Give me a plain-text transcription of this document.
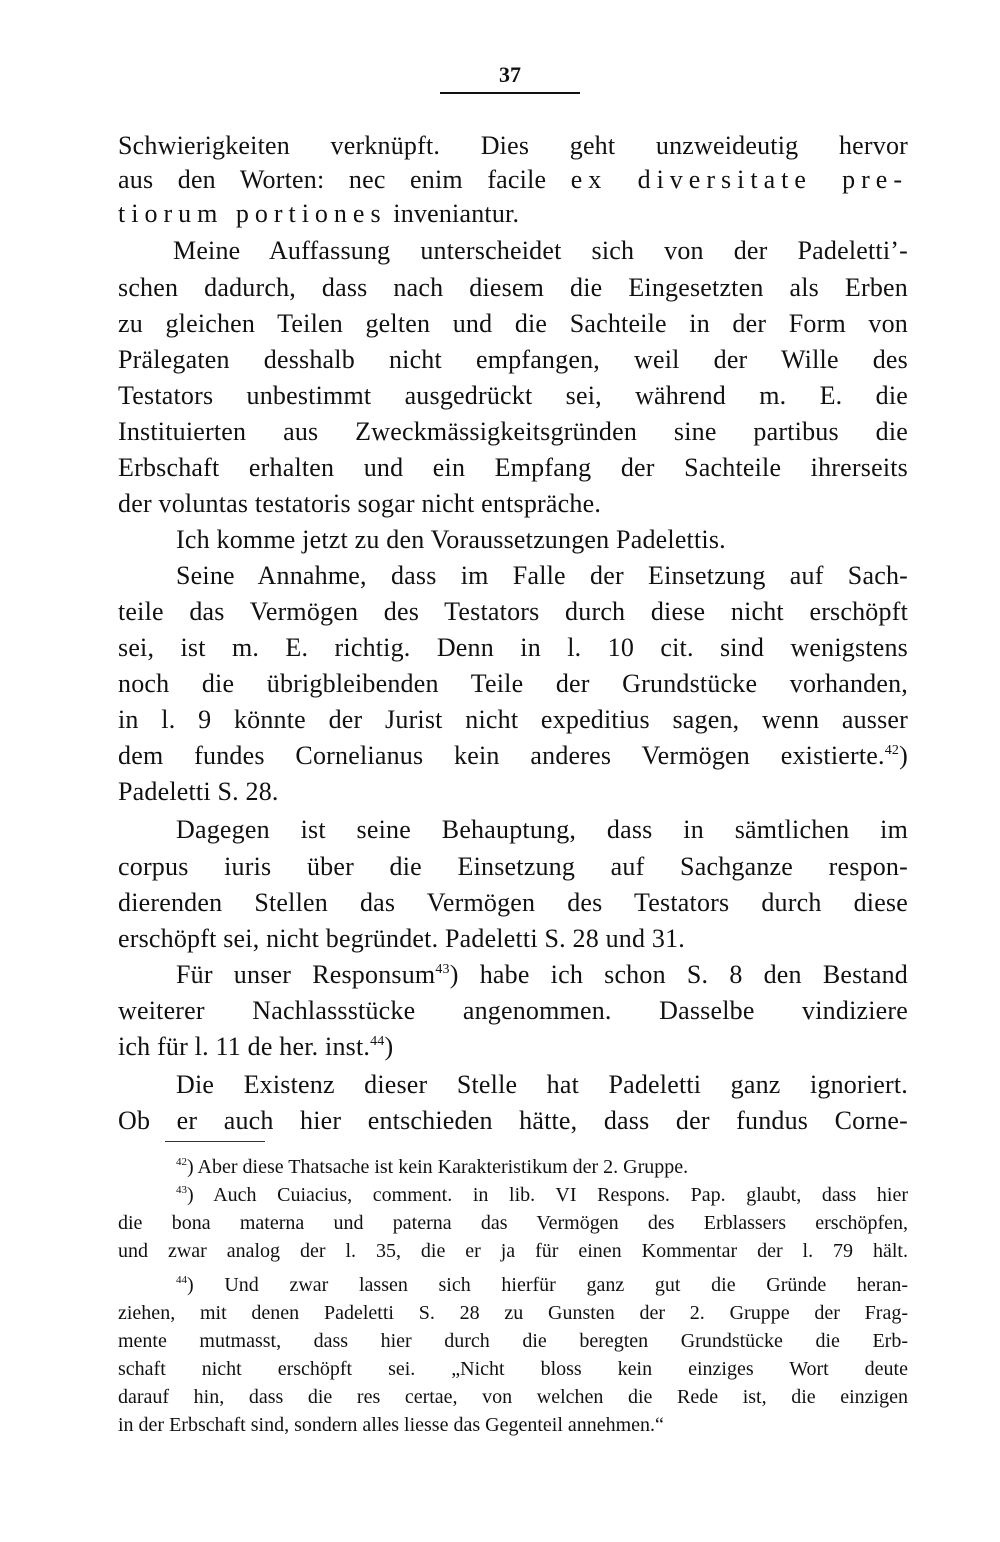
37
Schwierigkeiten verknüpft. Dies geht unzweideutig hervor
aus den Worten: nec enim facile ex diversitate pre-
tiorum portiones inveniantur.
Meine Auffassung unterscheidet sich von der Padeletti’-
schen dadurch, dass nach diesem die Eingesetzten als Erben
zu gleichen Teilen gelten und die Sachteile in der Form von
Prälegaten desshalb nicht empfangen, weil der Wille des
Testators unbestimmt ausgedrückt sei, während m. E. die
Instituierten aus Zweckmässigkeitsgründen sine partibus die
Erbschaft erhalten und ein Empfang der Sachteile ihrerseits
der voluntas testatoris sogar nicht entspräche.
Ich komme jetzt zu den Voraussetzungen Padelettis.
Seine Annahme, dass im Falle der Einsetzung auf Sach-
teile das Vermögen des Testators durch diese nicht erschöpft
sei, ist m. E. richtig. Denn in l. 10 cit. sind wenigstens
noch die übrigbleibenden Teile der Grundstücke vorhanden,
in l. 9 könnte der Jurist nicht expeditius sagen, wenn ausser
dem fundes Cornelianus kein anderes Vermögen existierte.$^{42}$)
Padeletti S. 28.
Dagegen ist seine Behauptung, dass in sämtlichen im
corpus iuris über die Einsetzung auf Sachganze respon-
dierenden Stellen das Vermögen des Testators durch diese
erschöpft sei, nicht begründet. Padeletti S. 28 und 31.
Für unser Responsum$^{43}$) habe ich schon S. 8 den Bestand
weiterer Nachlassstücke angenommen. Dasselbe vindiziere
ich für l. 11 de her. inst.$^{44}$)
Die Existenz dieser Stelle hat Padeletti ganz ignoriert.
Ob er auch hier entschieden hätte, dass der fundus Corne-
$^{42}$) Aber diese Thatsache ist kein Karakteristikum der 2. Gruppe.
$^{43}$) Auch Cuiacius, comment. in lib. VI Respons. Pap. glaubt, dass hier
die bona materna und paterna das Vermögen des Erblassers erschöpfen,
und zwar analog der l. 35, die er ja für einen Kommentar der l. 79 hält.
$^{44}$) Und zwar lassen sich hierfür ganz gut die Gründe heran-
ziehen, mit denen Padeletti S. 28 zu Gunsten der 2. Gruppe der Frag-
mente mutmasst, dass hier durch die beregten Grundstücke die Erb-
schaft nicht erschöpft sei. „Nicht bloss kein einziges Wort deute
darauf hin, dass die res certae, von welchen die Rede ist, die einzigen
in der Erbschaft sind, sondern alles liesse das Gegenteil annehmen.“
